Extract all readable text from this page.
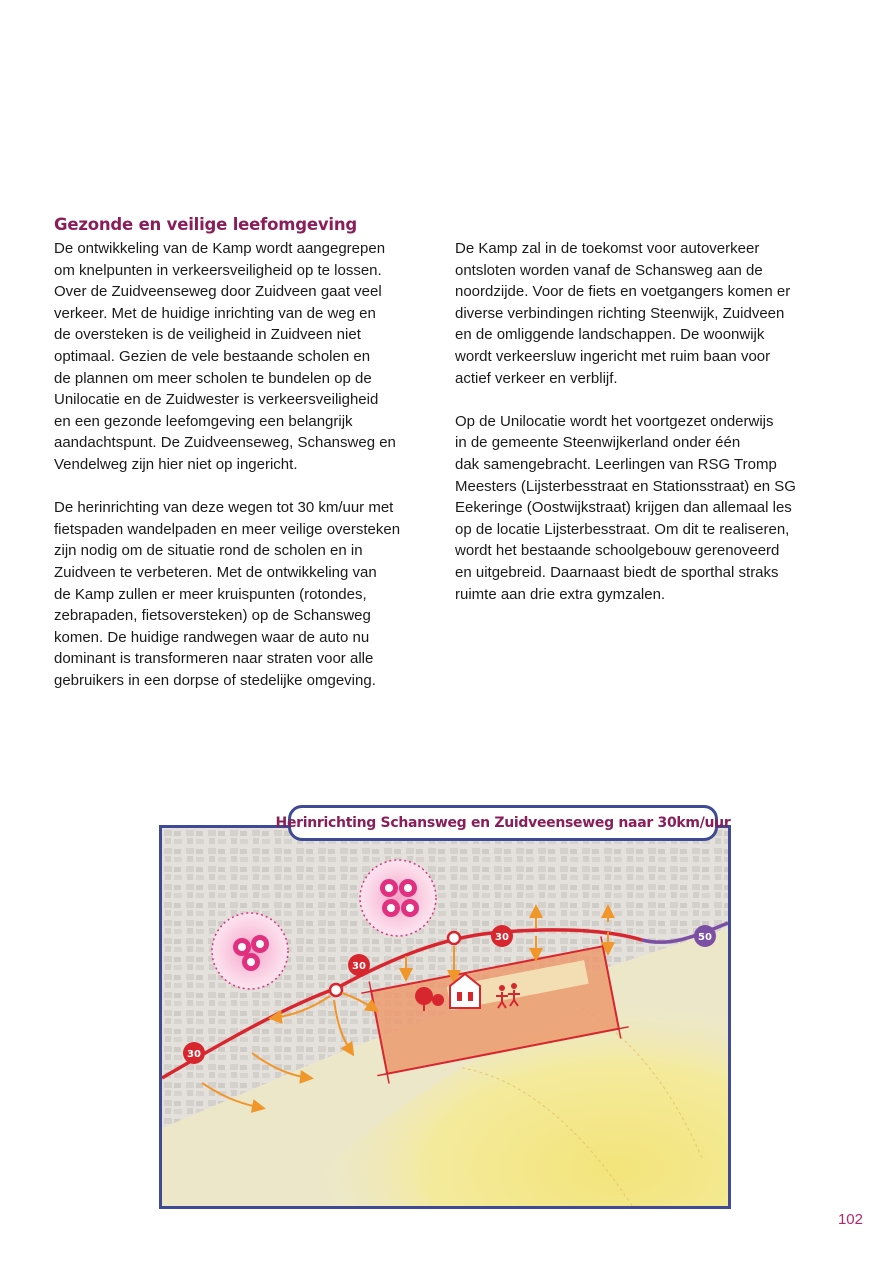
Gezonde en veilige leefomgeving

De ontwikkeling van de Kamp wordt aangegrepen
om knelpunten in verkeersveiligheid op te lossen.
Over de Zuidveenseweg door Zuidveen gaat veel
verkeer. Met de huidige inrichting van de weg en
de oversteken is de veiligheid in Zuidveen niet
optimaal. Gezien de vele bestaande scholen en
de plannen om meer scholen te bundelen op de
Unilocatie en de Zuidwester is verkeersveiligheid
en een gezonde leefomgeving een belangrijk
aandachtspunt. De Zuidveenseweg, Schansweg en
Vendelweg zijn hier niet op ingericht.

De herinrichting van deze wegen tot 30 km/uur met
fietspaden wandelpaden en meer veilige oversteken
zijn nodig om de situatie rond de scholen en in
Zuidveen te verbeteren. Met de ontwikkeling van
de Kamp zullen er meer kruispunten (rotondes,
zebrapaden, fietsoversteken) op de Schansweg
komen. De huidige randwegen waar de auto nu
dominant is transformeren naar straten voor alle
gebruikers in een dorpse of stedelijke omgeving.

De Kamp zal in de toekomst voor autoverkeer
ontsloten worden vanaf de Schansweg aan de
noordzijde. Voor de fiets en voetgangers komen er
diverse verbindingen richting Steenwijk, Zuidveen
en de omliggende landschappen. De woonwijk
wordt verkeersluw ingericht met ruim baan voor
actief verkeer en verblijf.

Op de Unilocatie wordt het voortgezet onderwijs
in de gemeente Steenwijkerland onder één
dak samengebracht. Leerlingen van RSG Tromp
Meesters (Lijsterbesstraat en Stationsstraat) en SG
Eekeringe (Oostwijkstraat) krijgen dan allemaal les
op de locatie Lijsterbesstraat. Om dit te realiseren,
wordt het bestaande schoolgebouw gerenoveerd
en uitgebreid. Daarnaast biedt de sporthal straks
ruimte aan drie extra gymzalen.

30
30
30	50
Herinrichting Schansweg en Zuidveenseweg naar 30km/uur
102
